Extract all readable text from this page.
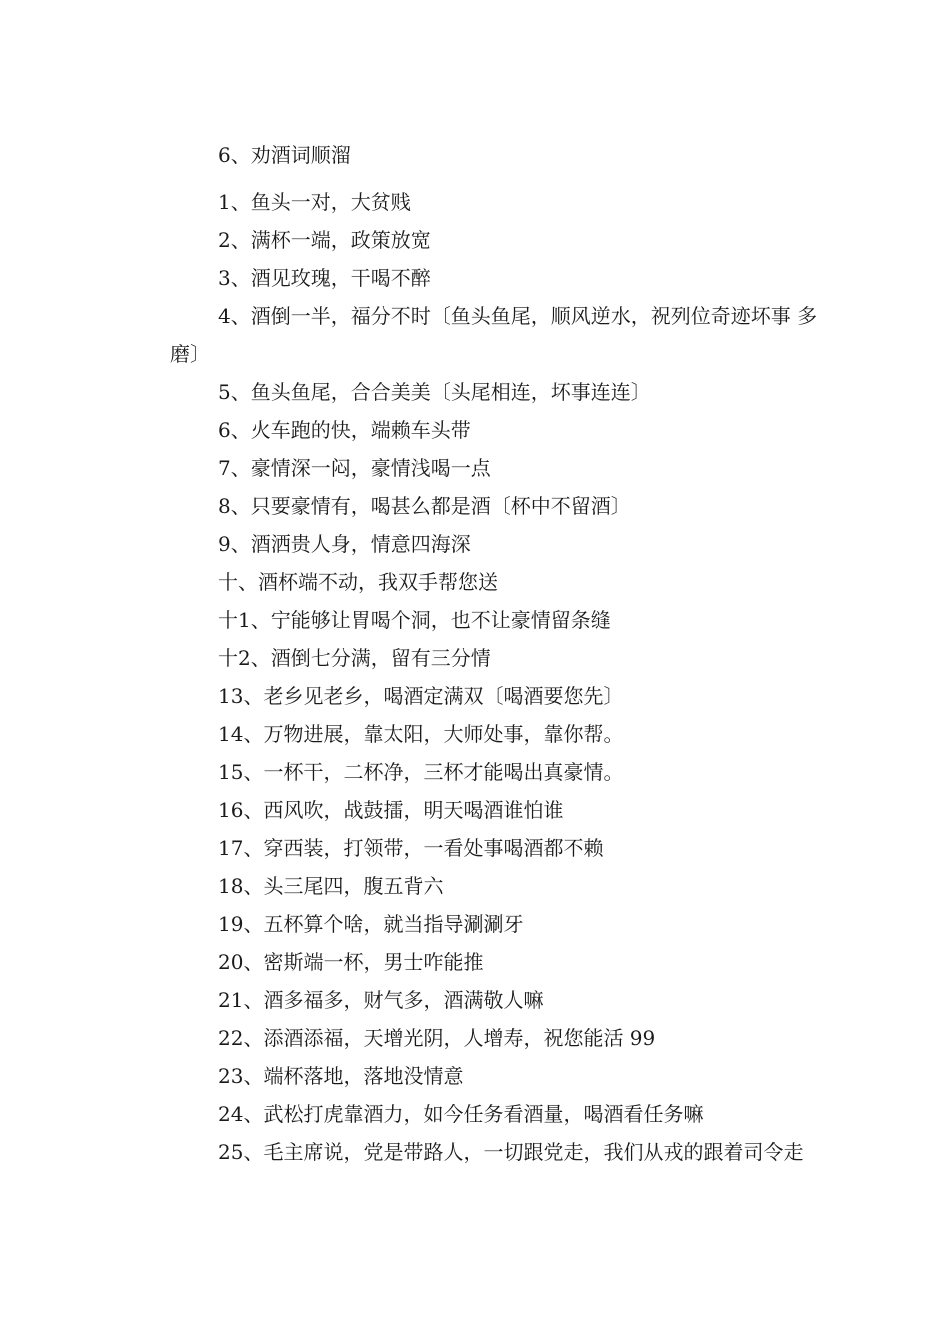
6、劝酒词顺溜

1、鱼头一对，大贫贱

2、满杯一端，政策放宽

3、酒见玫瑰，干喝不醉

4、酒倒一半，福分不时〔鱼头鱼尾，顺风逆水，祝列位奇迹坏事 多磨〕

5、鱼头鱼尾，合合美美〔头尾相连，坏事连连〕

6、火车跑的快，端赖车头带

7、豪情深一闷，豪情浅喝一点

8、只要豪情有，喝甚么都是酒〔杯中不留酒〕

9、酒洒贵人身，情意四海深

十、酒杯端不动，我双手帮您送

十1、宁能够让胃喝个洞，也不让豪情留条缝

十2、酒倒七分满，留有三分情

13、老乡见老乡，喝酒定满双〔喝酒要您先〕

14、万物进展，靠太阳，大师处事，靠你帮。

15、一杯干，二杯净，三杯才能喝出真豪情。

16、西风吹，战鼓擂，明天喝酒谁怕谁

17、穿西装，打领带，一看处事喝酒都不赖

18、头三尾四，腹五背六

19、五杯算个啥，就当指导涮涮牙

20、密斯端一杯，男士咋能推

21、酒多福多，财气多，酒满敬人嘛

22、添酒添福，天增光阴，人增寿，祝您能活 99

23、端杯落地，落地没情意

24、武松打虎靠酒力，如今任务看酒量，喝酒看任务嘛

25、毛主席说，党是带路人，一切跟党走，我们从戎的跟着司令走
